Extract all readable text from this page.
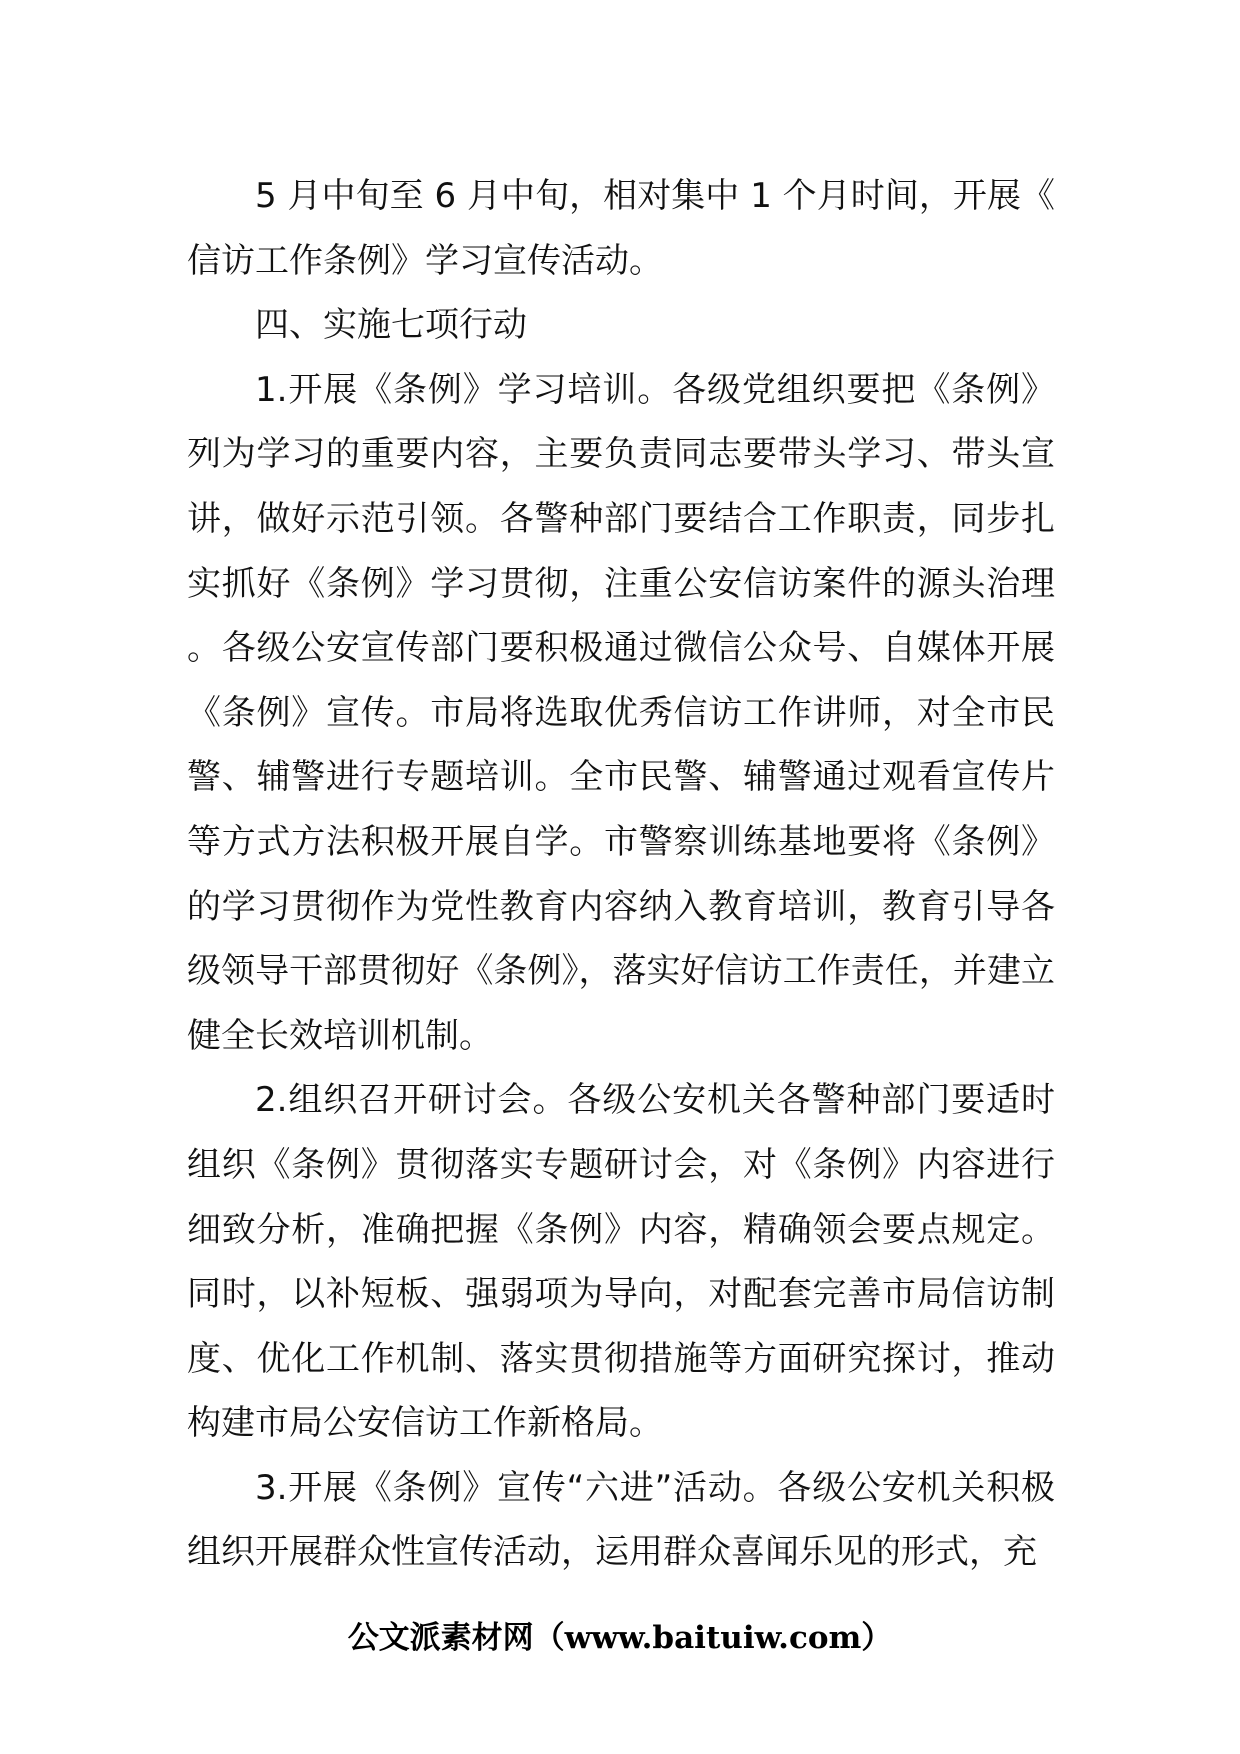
5 月中旬至 6 月中旬，相对集中 1 个月时间，开展《信访工作条例》学习宣传活动。

四、实施七项行动

1.开展《条例》学习培训。各级党组织要把《条例》列为学习的重要内容，主要负责同志要带头学习、带头宣讲，做好示范引领。各警种部门要结合工作职责，同步扎实抓好《条例》学习贯彻，注重公安信访案件的源头治理。各级公安宣传部门要积极通过微信公众号、自媒体开展《条例》宣传。市局将选取优秀信访工作讲师，对全市民警、辅警进行专题培训。全市民警、辅警通过观看宣传片等方式方法积极开展自学。市警察训练基地要将《条例》的学习贯彻作为党性教育内容纳入教育培训，教育引导各级领导干部贯彻好《条例》，落实好信访工作责任，并建立健全长效培训机制。

2.组织召开研讨会。各级公安机关各警种部门要适时组织《条例》贯彻落实专题研讨会，对《条例》内容进行细致分析，准确把握《条例》内容，精确领会要点规定。同时，以补短板、强弱项为导向，对配套完善市局信访制度、优化工作机制、落实贯彻措施等方面研究探讨，推动构建市局公安信访工作新格局。

3.开展《条例》宣传“六进”活动。各级公安机关积极组织开展群众性宣传活动，运用群众喜闻乐见的形式，充

公文派素材网（www.baituiw.com）
